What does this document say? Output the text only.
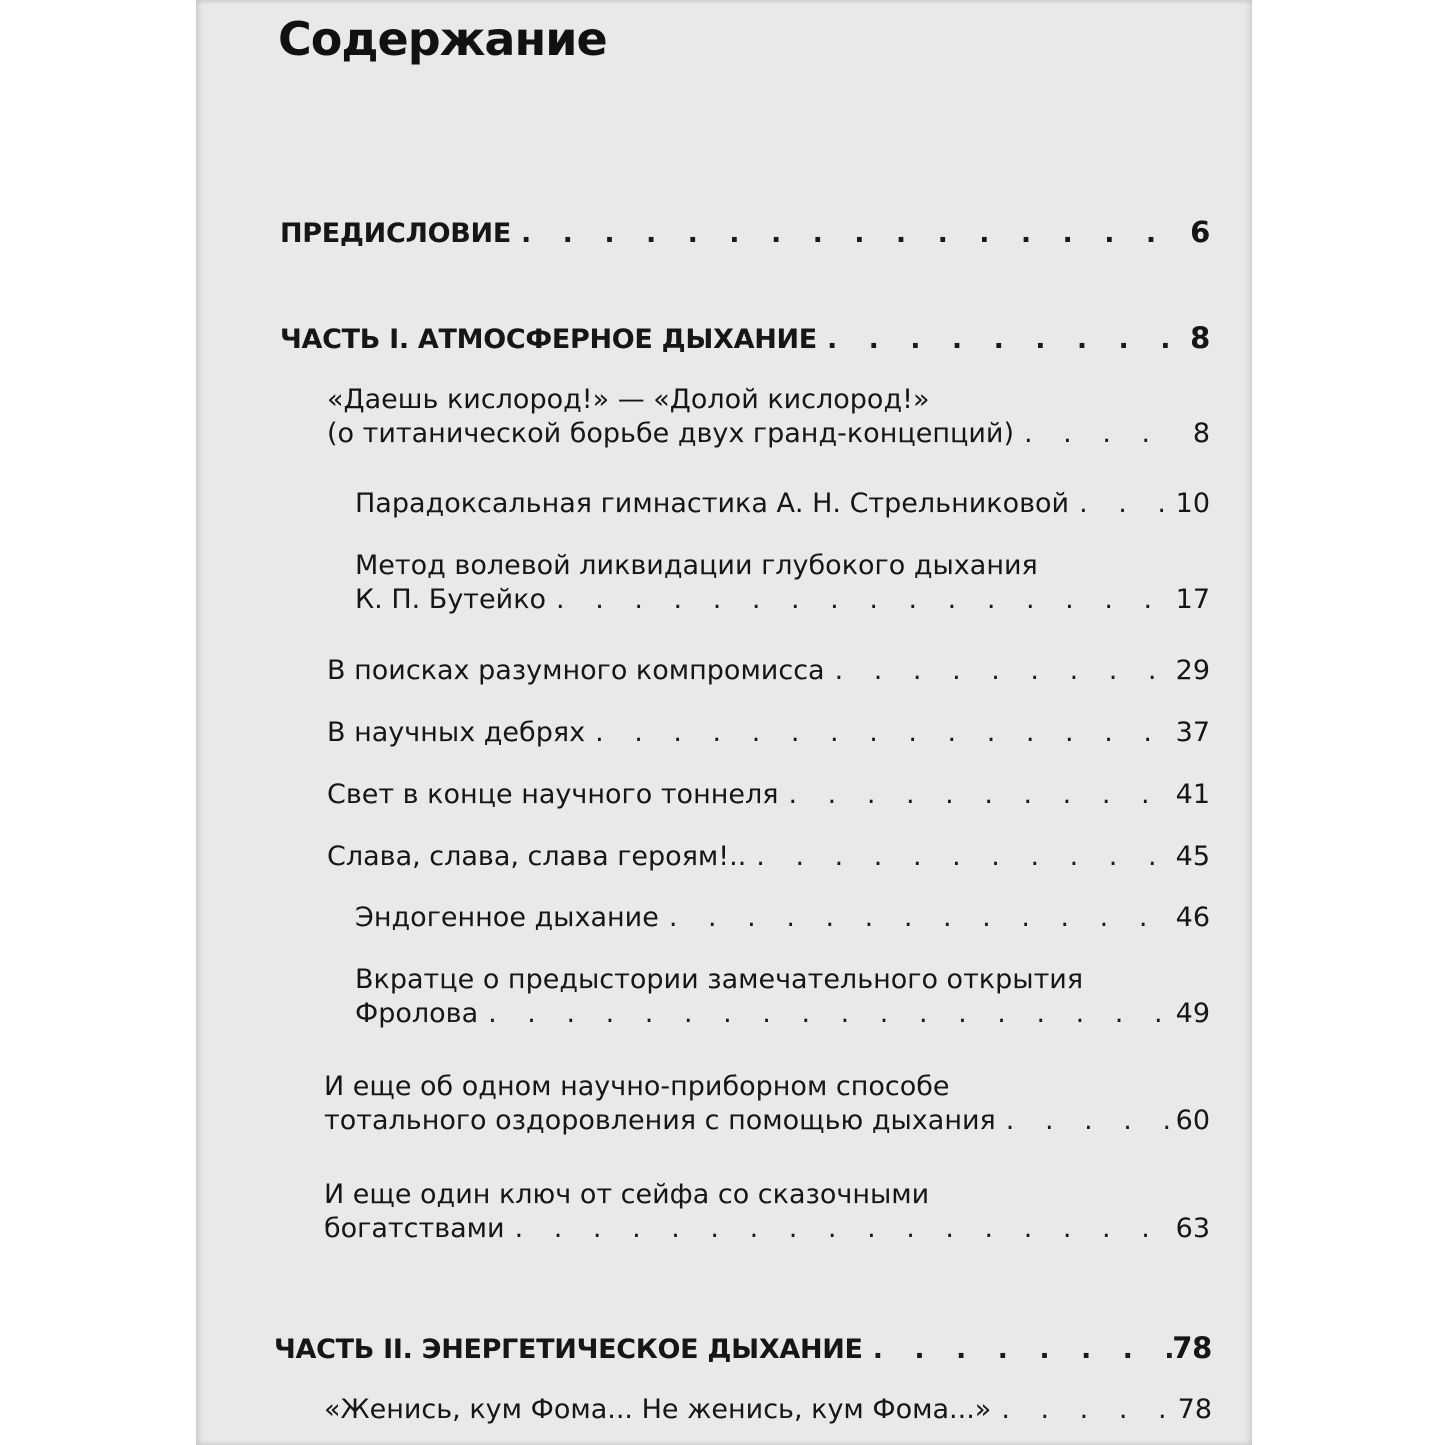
Содержание
ПРЕДИСЛОВИЕ . . .	6
ЧАСТЬ I. АТМОСФЕРНОЕ ДЫХАНИЕ . . .	8
«Даешь кислород!» — «Долой кислород!»
(о титанической борьбе двух гранд-концепций) . . .	8
Парадоксальная гимнастика А. Н. Стрельниковой . . .	10
Метод волевой ликвидации глубокого дыхания
К. П. Бутейко . . .	17
В поисках разумного компромисса . . .	29
В научных дебрях . . .	37
Свет в конце научного тоннеля . . .	41
Слава, слава, слава героям!.. . . .	45
Эндогенное дыхание . . .	46
Вкратце о предыстории замечательного открытия
Фролова . . .	49
И еще об одном научно-приборном способе
тотального оздоровления с помощью дыхания . . .	60
И еще один ключ от сейфа со сказочными
богатствами . . .	63
ЧАСТЬ II. ЭНЕРГЕТИЧЕСКОЕ ДЫХАНИЕ . . .	78
«Женись, кум Фома... Не женись, кум Фома...» . . .	78
